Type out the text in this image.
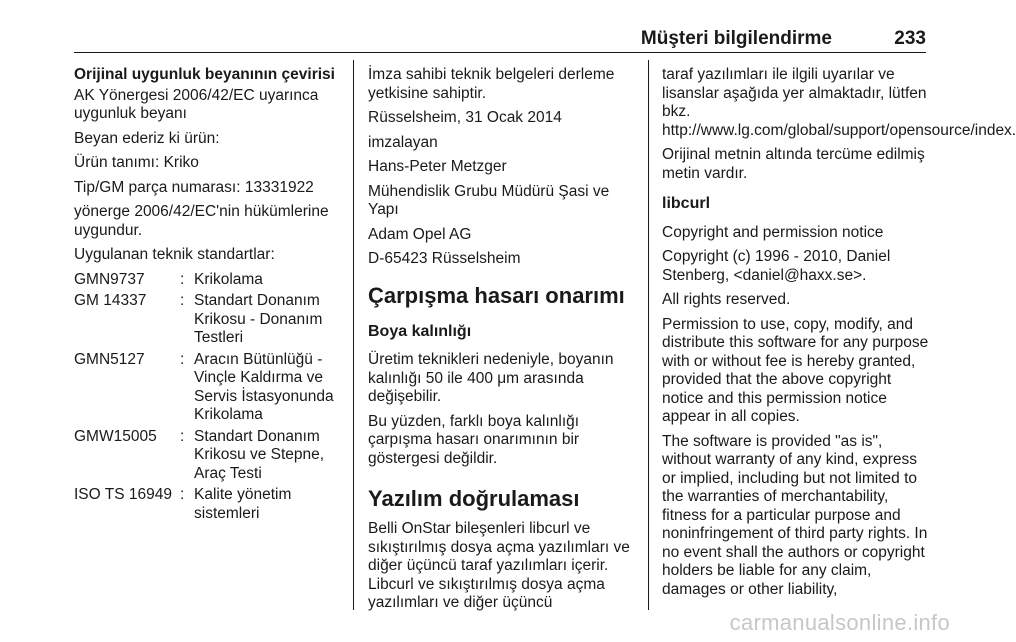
Müşteri bilgilendirme	233

Orijinal uygunluk beyanının çevirisi

AK Yönergesi 2006/42/EC uyarınca uygunluk beyanı

Beyan ederiz ki ürün:

Ürün tanımı: Kriko

Tip/GM parça numarası: 13331922

yönerge 2006/42/EC'nin hükümlerine uygundur.

Uygulanan teknik standartlar:

GMN9737	:	Krikolama
GM 14337	:	Standart Donanım Krikosu - Donanım Testleri
GMN5127	:	Aracın Bütünlüğü - Vinçle Kaldırma ve Servis İstasyonunda Krikolama
GMW15005	:	Standart Donanım Krikosu ve Stepne, Araç Testi
ISO TS 16949	:	Kalite yönetim sistemleri

İmza sahibi teknik belgeleri derleme yetkisine sahiptir.

Rüsselsheim, 31 Ocak 2014

imzalayan

Hans-Peter Metzger

Mühendislik Grubu Müdürü Şasi ve Yapı

Adam Opel AG

D-65423 Rüsselsheim

Çarpışma hasarı onarımı
Boya kalınlığı

Üretim teknikleri nedeniyle, boyanın kalınlığı 50 ile 400 μm arasında değişebilir.

Bu yüzden, farklı boya kalınlığı çarpışma hasarı onarımının bir göstergesi değildir.

Yazılım doğrulaması

Belli OnStar bileşenleri libcurl ve sıkıştırılmış dosya açma yazılımları ve diğer üçüncü taraf yazılımları içerir. Libcurl ve sıkıştırılmış dosya açma yazılımları ve diğer üçüncü

taraf yazılımları ile ilgili uyarılar ve lisanslar aşağıda yer almaktadır, lütfen bkz. http://www.lg.com/global/support/opensource/index.

Orijinal metnin altında tercüme edilmiş metin vardır.

libcurl

Copyright and permission notice

Copyright (c) 1996 - 2010, Daniel Stenberg, <daniel@haxx.se>.

All rights reserved.

Permission to use, copy, modify, and distribute this software for any purpose with or without fee is hereby granted, provided that the above copyright notice and this permission notice appear in all copies.

The software is provided "as is", without warranty of any kind, express or implied, including but not limited to the warranties of merchantability, fitness for a particular purpose and noninfringement of third party rights. In no event shall the authors or copyright holders be liable for any claim, damages or other liability,

carmanualsonline.info
